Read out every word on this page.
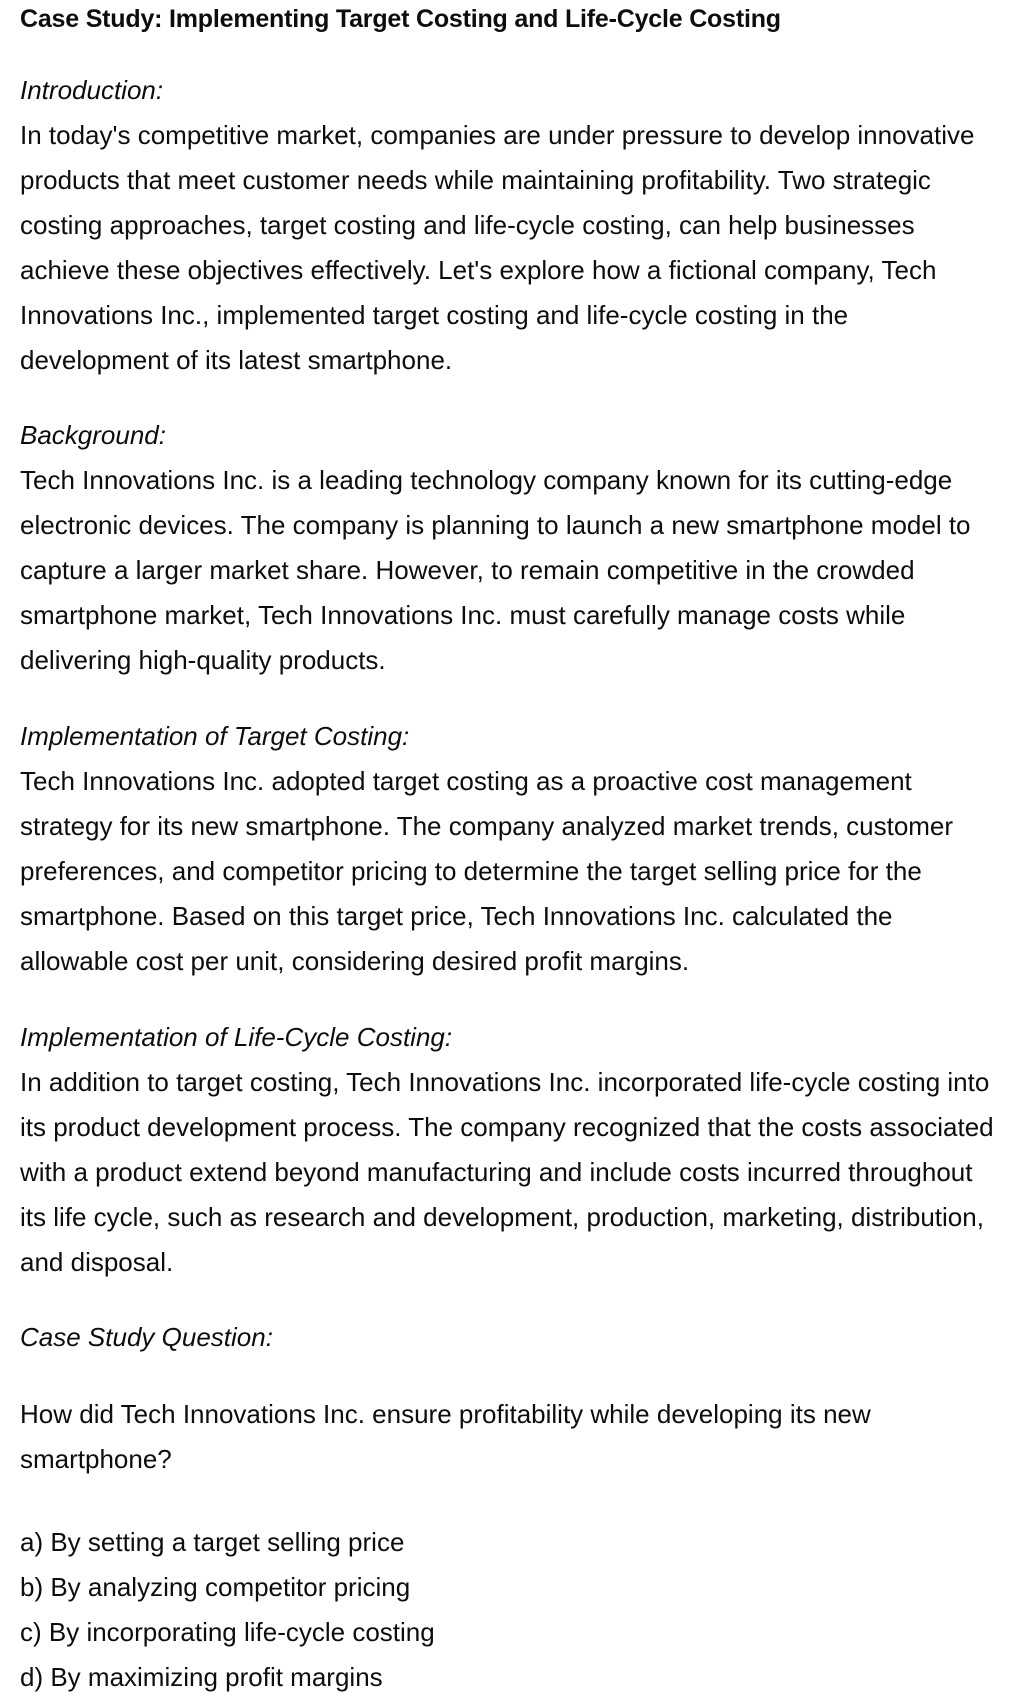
Case Study: Implementing Target Costing and Life-Cycle Costing
Introduction:

In today's competitive market, companies are under pressure to develop innovative products that meet customer needs while maintaining profitability. Two strategic costing approaches, target costing and life-cycle costing, can help businesses achieve these objectives effectively. Let's explore how a fictional company, Tech Innovations Inc., implemented target costing and life-cycle costing in the development of its latest smartphone.

Background:

Tech Innovations Inc. is a leading technology company known for its cutting-edge electronic devices. The company is planning to launch a new smartphone model to capture a larger market share. However, to remain competitive in the crowded smartphone market, Tech Innovations Inc. must carefully manage costs while delivering high-quality products.

Implementation of Target Costing:

Tech Innovations Inc. adopted target costing as a proactive cost management strategy for its new smartphone. The company analyzed market trends, customer preferences, and competitor pricing to determine the target selling price for the smartphone. Based on this target price, Tech Innovations Inc. calculated the allowable cost per unit, considering desired profit margins.

Implementation of Life-Cycle Costing:

In addition to target costing, Tech Innovations Inc. incorporated life-cycle costing into its product development process. The company recognized that the costs associated with a product extend beyond manufacturing and include costs incurred throughout its life cycle, such as research and development, production, marketing, distribution, and disposal.

Case Study Question:

How did Tech Innovations Inc. ensure profitability while developing its new smartphone?

a) By setting a target selling price
b) By analyzing competitor pricing
c) By incorporating life-cycle costing
d) By maximizing profit margins
